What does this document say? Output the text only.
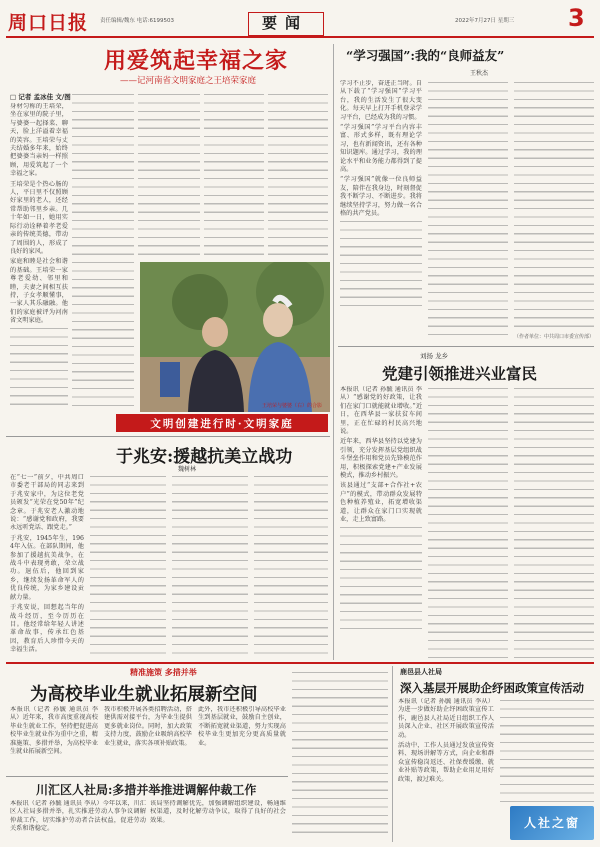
周口日报 责任编辑/魏东 电话:6199503	要闻	2022年7月27日 星期三 3
用爱筑起幸福之家
——记河南省文明家庭之王培荣家庭
□ 记者 孟冰佳 文/图

身材匀称的王培荣，坐在家里的院子里，与婆婆一起择菜、聊天，脸上洋溢着幸福的笑容。王培荣与丈夫结婚多年来，始终把婆婆当亲妈一样照顾，用爱筑起了一个幸福之家。

王培荣是个热心肠的人，平日里不仅照顾好家里的老人，还经常帮助邻里乡亲。几十年如一日，她用实际行动诠释着孝老爱亲的传统美德，带动了周围的人，形成了良好的家风。

家庭和睦是社会和谐的基础。王培荣一家尊老爱幼、邻里和睦，夫妻之间相互扶持，子女孝顺懂事，一家人其乐融融。他们的家庭被评为河南省文明家庭。

王培荣与婆婆（右）的合影
文明创建进行时·文明家庭
于兆安:援越抗美立战功
魏树林

在“七一”前夕，中共周口市委老干部局的同志来到于兆安家中，为这位老党员颁发“光荣在党50年”纪念章。于兆安老人激动地说：“感谢党和政府，我要永远听党话、跟党走。”

于兆安，1945年生，1964年入伍。在部队期间，他参加了援越抗美战争，在战斗中表现勇敢，荣立战功。退伍后，他回到家乡，继续发扬革命军人的优良传统，为家乡建设贡献力量。

于兆安说，回想起当年的战斗经历，至今历历在目。他经常给年轻人讲述革命故事，传承红色基因，教育后人珍惜今天的幸福生活。

“学习强国”:我的“良师益友”
王秋杰

学习不止步，奋进正当时。自从下载了“学习强国”学习平台，我的生活发生了很大变化。每天早上打开手机登录学习平台，已经成为我的习惯。

“学习强国”学习平台内容丰富、形式多样，既有理论学习，也有新闻资讯，还有各种知识题库。通过学习，我的理论水平和业务能力都得到了提高。

“学习强国”就像一位良师益友，陪伴在我身边，时刻督促我不断学习、不断进步。我将继续坚持学习，努力做一名合格的共产党员。

（作者单位：中共周口市委宣传部）
刘扬 龙乡
党建引领推进兴业富民

本报讯（记者 孙毓 通讯员 李从）“感谢党的好政策，让我们在家门口就能就业增收。”近日，在西华县一家扶贫车间里，正在忙碌的村民高兴地说。

近年来，西华县坚持以党建为引领，充分发挥基层党组织战斗堡垒作用和党员先锋模范作用，积极探索党建+产业发展模式，推动乡村振兴。

该县通过“支部+合作社+农户”的模式，带动群众发展特色种植养殖业，拓宽增收渠道，让群众在家门口实现就业，走上致富路。

精准施策 多措并举
为高校毕业生就业拓展新空间

本报讯（记者 孙毓 通讯员 李从）近年来，我市高度重视高校毕业生就业工作，坚持把促进高校毕业生就业作为重中之重，精准施策、多措并举，为高校毕业生就业拓展新空间。

我市积极开展各类招聘活动，搭建供需对接平台，为毕业生提供更多就业岗位。同时，加大政策支持力度，鼓励企业吸纳高校毕业生就业，落实各项补贴政策。

此外，我市还积极引导高校毕业生到基层就业，鼓励自主创业，不断拓宽就业渠道，努力实现高校毕业生更加充分更高质量就业。

川汇区人社局:多措并举推进调解仲裁工作

本报讯（记者 孙毓 通讯员 李从）今年以来，川汇区人社局多措并举，扎实推进劳动人事争议调解仲裁工作，切实维护劳动者合法权益，促进劳动关系和谐稳定。

该局坚持调解优先，加强调解组织建设，畅通维权渠道，及时化解劳动争议，取得了良好的社会效果。

鹿邑县人社局
深入基层开展助企纾困政策宣传活动

本报讯（记者 孙毓 通讯员 李从）为进一步做好助企纾困政策宣传工作，鹿邑县人社局近日组织工作人员深入企业、社区开展政策宣传活动。

活动中，工作人员通过发放宣传资料、现场讲解等方式，向企业和群众宣传稳岗返还、社保费缓缴、就业补贴等政策，帮助企业用足用好政策，渡过难关。

人社之窗
